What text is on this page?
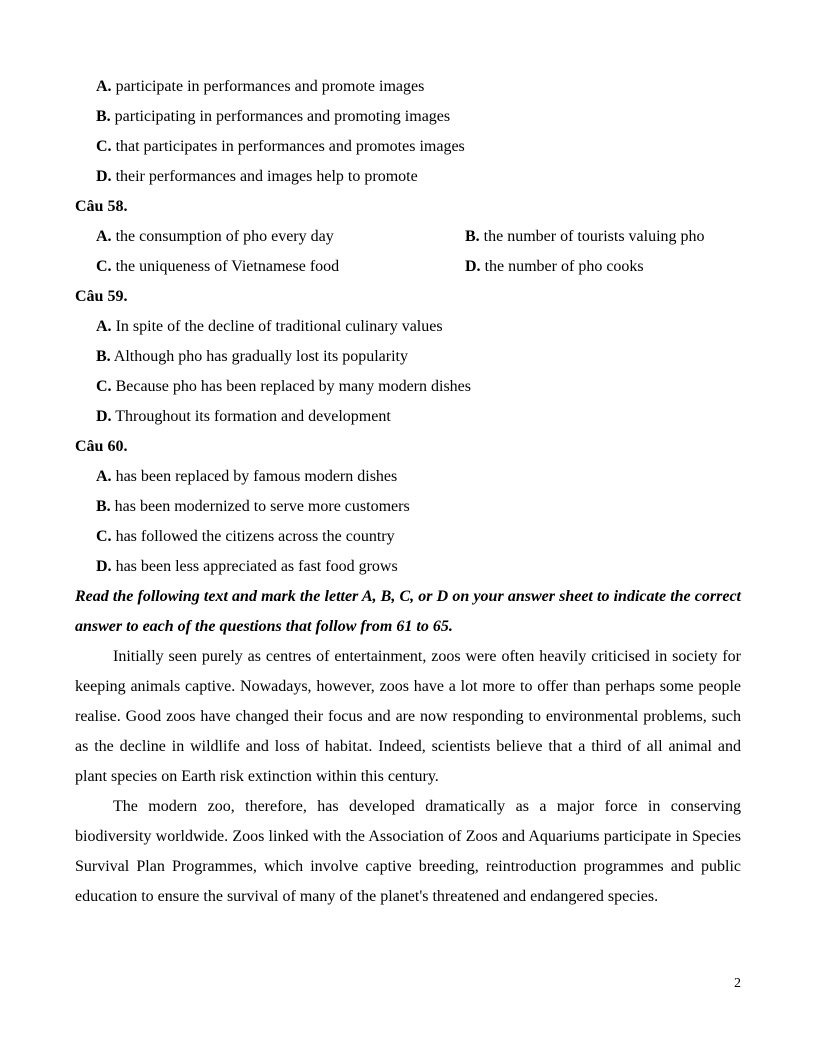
A. participate in performances and promote images
B. participating in performances and promoting images
C. that participates in performances and promotes images
D. their performances and images help to promote
Câu 58.
A. the consumption of pho every day	B. the number of tourists valuing pho
C. the uniqueness of Vietnamese food	D. the number of pho cooks
Câu 59.
A. In spite of the decline of traditional culinary values
B. Although pho has gradually lost its popularity
C. Because pho has been replaced by many modern dishes
D. Throughout its formation and development
Câu 60.
A. has been replaced by famous modern dishes
B. has been modernized to serve more customers
C. has followed the citizens across the country
D. has been less appreciated as fast food grows
Read the following text and mark the letter A, B, C, or D on your answer sheet to indicate the correct answer to each of the questions that follow from 61 to 65.
Initially seen purely as centres of entertainment, zoos were often heavily criticised in society for keeping animals captive. Nowadays, however, zoos have a lot more to offer than perhaps some people realise. Good zoos have changed their focus and are now responding to environmental problems, such as the decline in wildlife and loss of habitat. Indeed, scientists believe that a third of all animal and plant species on Earth risk extinction within this century.
The modern zoo, therefore, has developed dramatically as a major force in conserving biodiversity worldwide. Zoos linked with the Association of Zoos and Aquariums participate in Species Survival Plan Programmes, which involve captive breeding, reintroduction programmes and public education to ensure the survival of many of the planet's threatened and endangered species.
2
